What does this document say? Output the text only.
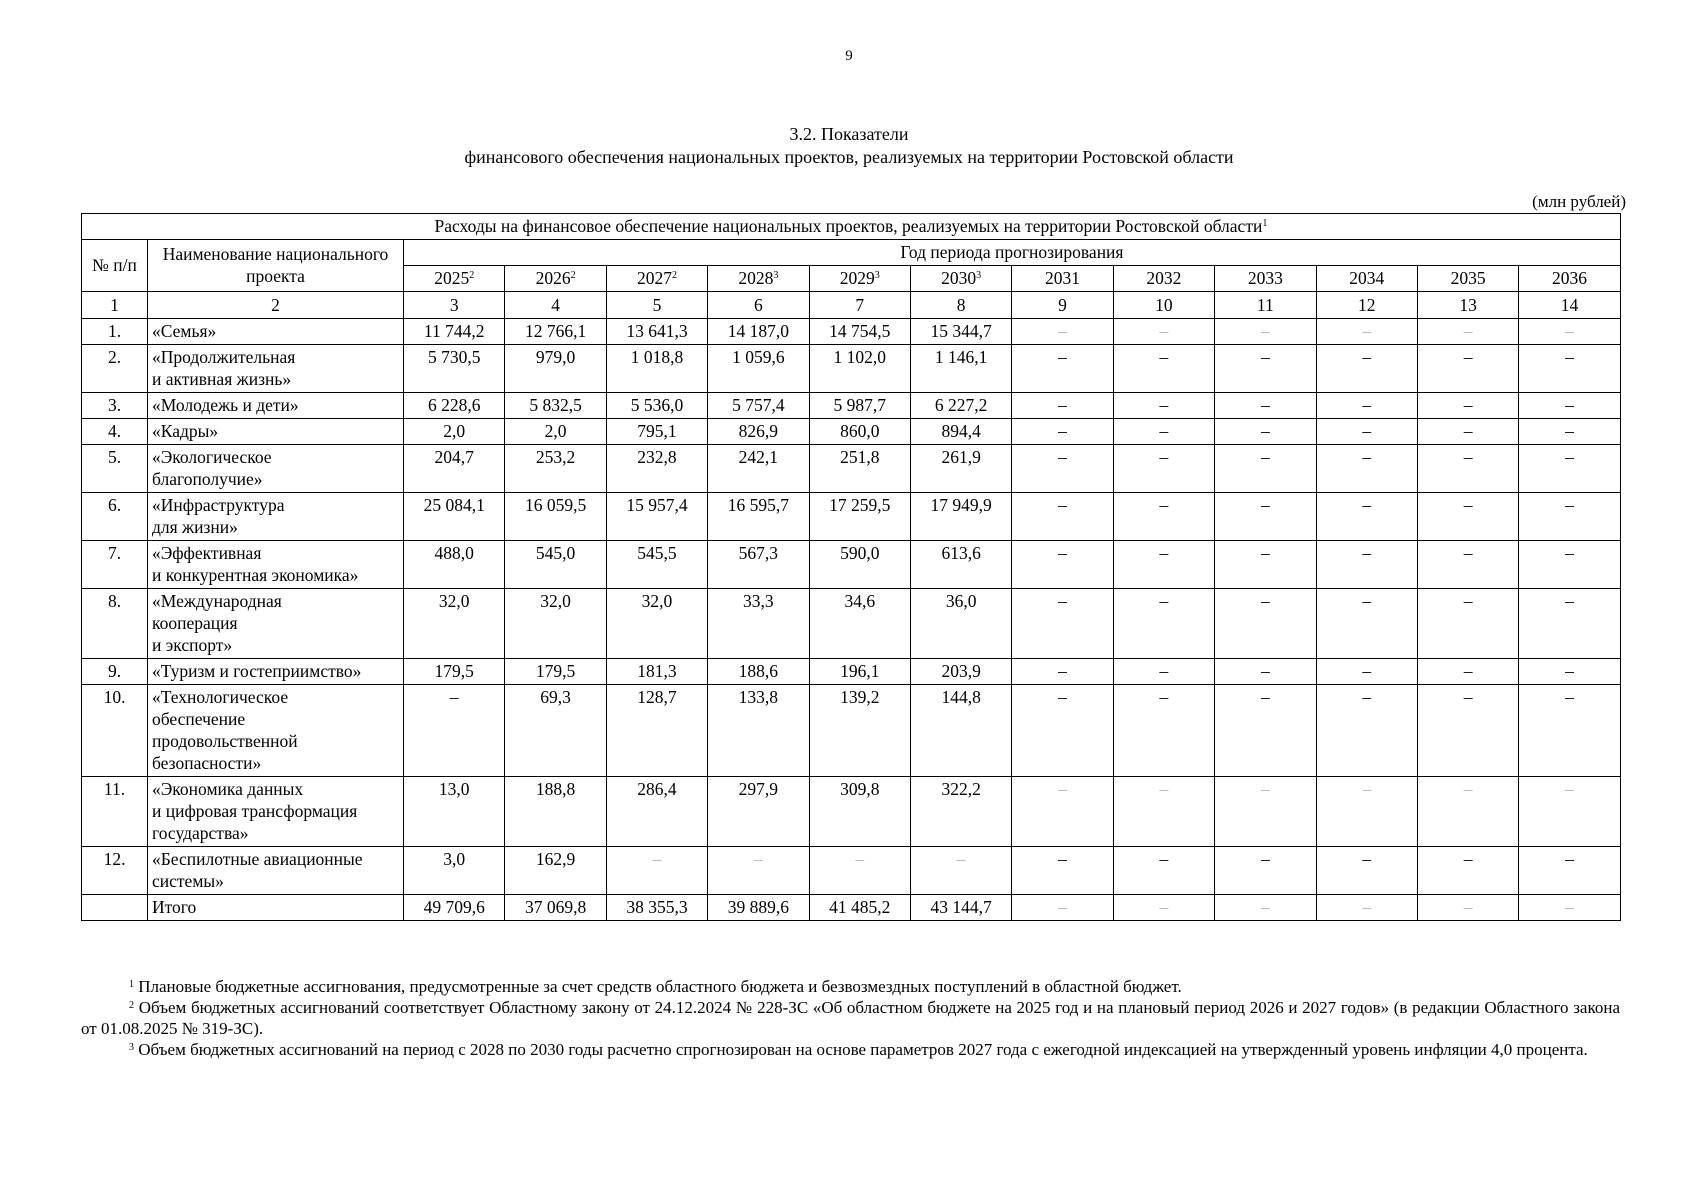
9
3.2. Показатели
финансового обеспечения национальных проектов, реализуемых на территории Ростовской области
(млн рублей)
Расходы на финансовое обеспечение национальных проектов, реализуемых на территории Ростовской области$^1$
№ п/п	Наименование национального проекта	Год периода прогнозирования											
		2025$^2$	2026$^2$	2027$^2$	2028$^3$	2029$^3$	2030$^3$	2031	2032	2033	2034	2035	2036
1	2	3	4	5	6	7	8	9	10	11	12	13	14
1.	«Семья»	11 744,2	12 766,1	13 641,3	14 187,0	14 754,5	15 344,7	–	–	–	–	–	–
2.	«Продолжительная
и активная жизнь»	5 730,5	979,0	1 018,8	1 059,6	1 102,0	1 146,1	–	–	–	–	–	–
3.	«Молодежь и дети»	6 228,6	5 832,5	5 536,0	5 757,4	5 987,7	6 227,2	–	–	–	–	–	–
4.	«Кадры»	2,0	2,0	795,1	826,9	860,0	894,4	–	–	–	–	–	–
5.	«Экологическое
благополучие»	204,7	253,2	232,8	242,1	251,8	261,9	–	–	–	–	–	–
6.	«Инфраструктура
для жизни»	25 084,1	16 059,5	15 957,4	16 595,7	17 259,5	17 949,9	–	–	–	–	–	–
7.	«Эффективная
и конкурентная экономика»	488,0	545,0	545,5	567,3	590,0	613,6	–	–	–	–	–	–
8.	«Международная
кооперация
и экспорт»	32,0	32,0	32,0	33,3	34,6	36,0	–	–	–	–	–	–
9.	«Туризм и гостеприимство»	179,5	179,5	181,3	188,6	196,1	203,9	–	–	–	–	–	–
10.	«Технологическое
обеспечение
продовольственной
безопасности»	–	69,3	128,7	133,8	139,2	144,8	–	–	–	–	–	–
11.	«Экономика данных
и цифровая трансформация
государства»	13,0	188,8	286,4	297,9	309,8	322,2	–	–	–	–	–	–
12.	«Беспилотные авиационные
системы»	3,0	162,9	–	–	–	–	–	–	–	–	–	–
	Итого	49 709,6	37 069,8	38 355,3	39 889,6	41 485,2	43 144,7	–	–	–	–	–	–

$^1$ Плановые бюджетные ассигнования, предусмотренные за счет средств областного бюджета и безвозмездных поступлений в областной бюджет.

$^2$ Объем бюджетных ассигнований соответствует Областному закону от 24.12.2024 № 228-ЗС «Об областном бюджете на 2025 год и на плановый период 2026 и 2027 годов» (в редакции Областного закона от 01.08.2025 № 319-ЗС).

$^3$ Объем бюджетных ассигнований на период с 2028 по 2030 годы расчетно спрогнозирован на основе параметров 2027 года с ежегодной индексацией на утвержденный уровень инфляции 4,0 процента.
